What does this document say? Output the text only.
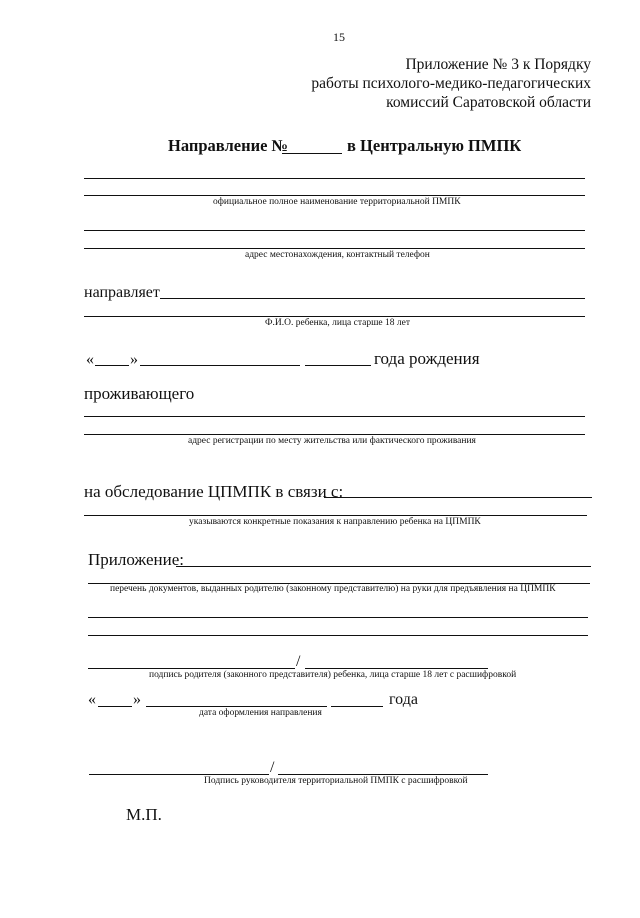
15
Приложение № 3 к Порядку
работы психолого-медико-педагогических
комиссий Саратовской области
Направление №	в Центральную ПМПК
официальное полное наименование территориальной ПМПК
адрес местонахождения, контактный телефон
направляет
Ф.И.О. ребенка, лица старше 18 лет
« »	года рождения
проживающего
адрес регистрации по месту жительства или фактического проживания
на обследование ЦПМПК в связи с:
указываются конкретные показания к направлению ребенка на ЦПМПК
Приложение:
перечень документов, выданных родителю (законному представителю) на руки для предъявления на ЦПМПК
/
подпись родителя (законного представителя) ребенка, лица старше 18 лет с расшифровкой
« »	года
дата оформления направления
/
Подпись руководителя территориальной ПМПК с расшифровкой
М.П.
